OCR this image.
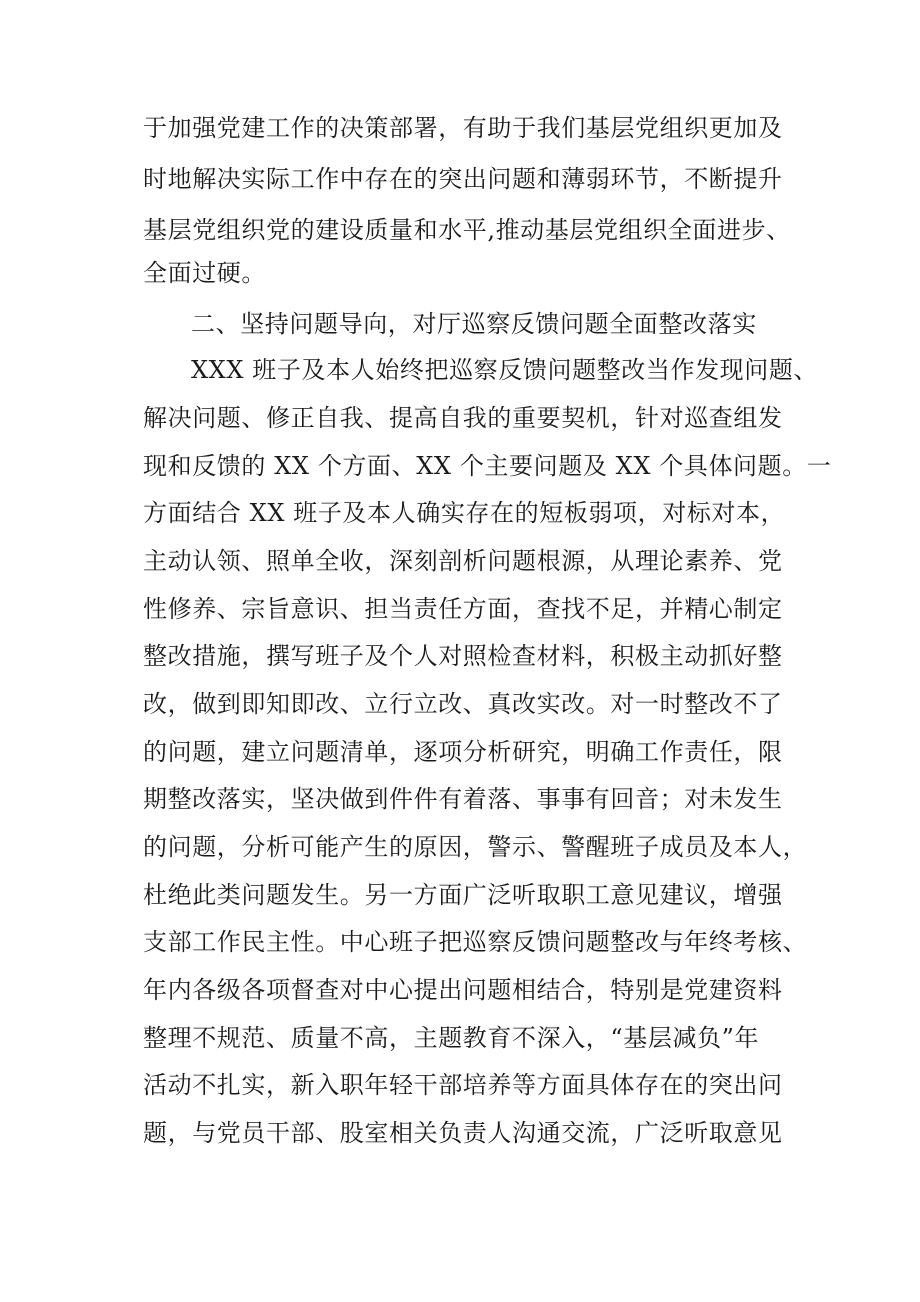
于加强党建工作的决策部署，有助于我们基层党组织更加及
时地解决实际工作中存在的突出问题和薄弱环节，不断提升
基层党组织党的建设质量和水平,推动基层党组织全面进步、
全面过硬。
二、坚持问题导向，对厅巡察反馈问题全面整改落实
XXX 班子及本人始终把巡察反馈问题整改当作发现问题、
解决问题、修正自我、提高自我的重要契机，针对巡查组发
现和反馈的 XX 个方面、XX 个主要问题及 XX 个具体问题。一
方面结合 XX 班子及本人确实存在的短板弱项，对标对本，
主动认领、照单全收，深刻剖析问题根源，从理论素养、党
性修养、宗旨意识、担当责任方面，查找不足，并精心制定
整改措施，撰写班子及个人对照检查材料，积极主动抓好整
改，做到即知即改、立行立改、真改实改。对一时整改不了
的问题，建立问题清单，逐项分析研究，明确工作责任，限
期整改落实，坚决做到件件有着落、事事有回音；对未发生
的问题，分析可能产生的原因，警示、警醒班子成员及本人，
杜绝此类问题发生。另一方面广泛听取职工意见建议，增强
支部工作民主性。中心班子把巡察反馈问题整改与年终考核、
年内各级各项督查对中心提出问题相结合，特别是党建资料
整理不规范、质量不高，主题教育不深入，“基层减负”年
活动不扎实，新入职年轻干部培养等方面具体存在的突出问
题，与党员干部、股室相关负责人沟通交流，广泛听取意见
